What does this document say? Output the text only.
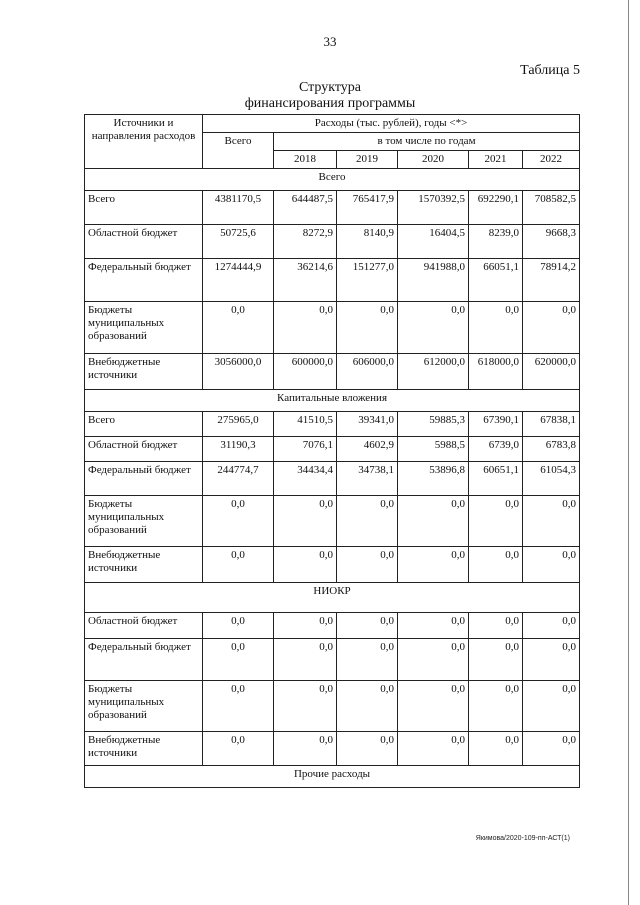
33
Таблица 5
Структура
финансирования программы
Источники и направления расходов	Расходы (тыс. рублей), годы <*>					
	Всего	в том числе по годам				
		2018	2019	2020	2021	2022
Всего						
Всего	4381170,5	644487,5	765417,9	1570392,5	692290,1	708582,5
Областной бюджет	50725,6	8272,9	8140,9	16404,5	8239,0	9668,3
Федеральный бюджет	1274444,9	36214,6	151277,0	941988,0	66051,1	78914,2
Бюджеты муниципальных образований	0,0	0,0	0,0	0,0	0,0	0,0
Внебюджетные источники	3056000,0	600000,0	606000,0	612000,0	618000,0	620000,0
Капитальные вложения						
Всего	275965,0	41510,5	39341,0	59885,3	67390,1	67838,1
Областной бюджет	31190,3	7076,1	4602,9	5988,5	6739,0	6783,8
Федеральный бюджет	244774,7	34434,4	34738,1	53896,8	60651,1	61054,3
Бюджеты муниципальных образований	0,0	0,0	0,0	0,0	0,0	0,0
Внебюджетные источники	0,0	0,0	0,0	0,0	0,0	0,0
НИОКР						
Областной бюджет	0,0	0,0	0,0	0,0	0,0	0,0
Федеральный бюджет	0,0	0,0	0,0	0,0	0,0	0,0
Бюджеты муниципальных образований	0,0	0,0	0,0	0,0	0,0	0,0
Внебюджетные источники	0,0	0,0	0,0	0,0	0,0	0,0
Прочие расходы						
Якимова/2020-109-пп-АСТ(1)
